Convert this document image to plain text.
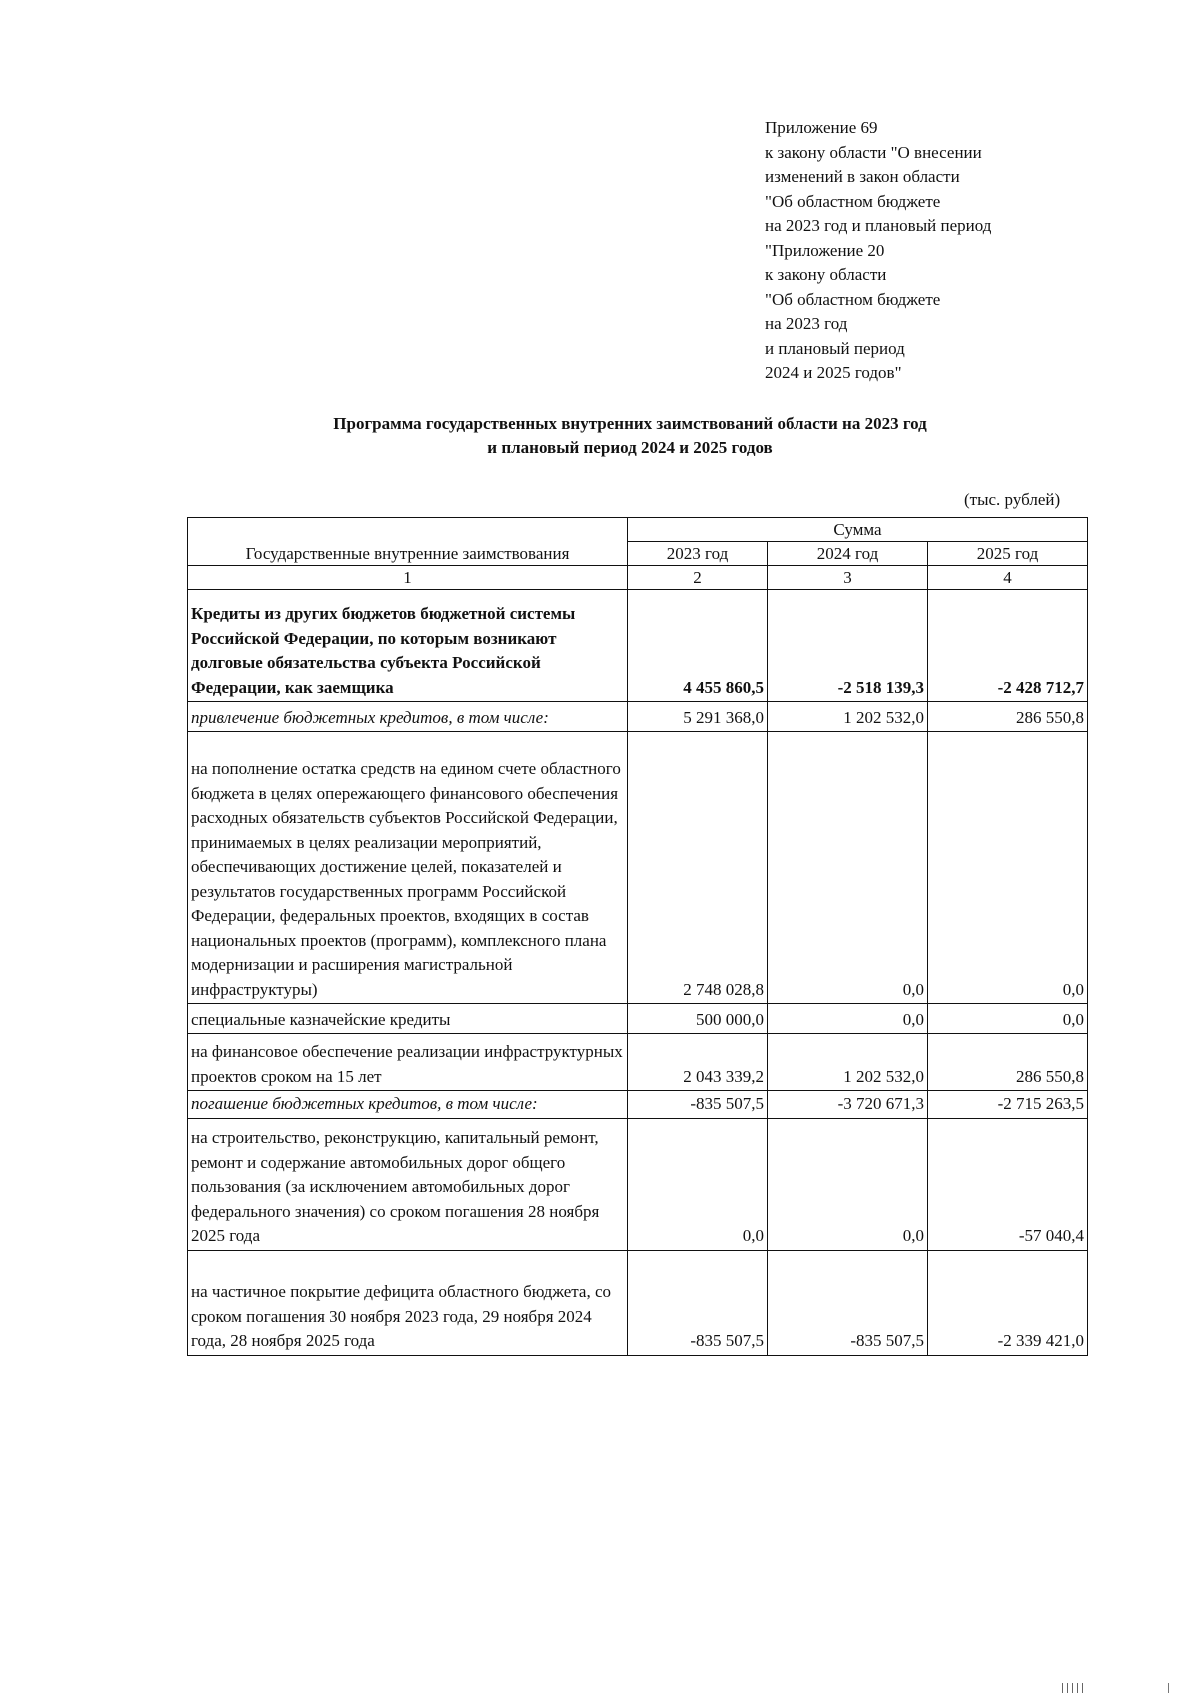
Приложение 69
к закону области "О внесении
изменений в закон области
"Об областном бюджете
на 2023 год и плановый период
"Приложение 20
к закону области
"Об областном бюджете
на 2023 год
и плановый период
2024 и 2025 годов"
Программа государственных внутренних заимствований области на 2023 год
и плановый период 2024 и 2025 годов
(тыс. рублей)
Государственные внутренние заимствования	Сумма		
	2023 год	2024 год	2025 год
1	2	3	4
Кредиты из других бюджетов бюджетной системы Российской Федерации, по которым возникают долговые обязательства субъекта Российской Федерации, как заемщика	4 455 860,5	-2 518 139,3	-2 428 712,7
привлечение бюджетных кредитов, в том числе:	5 291 368,0	1 202 532,0	286 550,8
на пополнение остатка средств на едином счете областного бюджета в целях опережающего финансового обеспечения расходных обязательств субъектов Российской Федерации, принимаемых в целях реализации мероприятий, обеспечивающих достижение целей, показателей и результатов государственных программ Российской Федерации, федеральных проектов, входящих в состав национальных проектов (программ), комплексного плана модернизации и расширения магистральной инфраструктуры)	2 748 028,8	0,0	0,0
специальные казначейские кредиты	500 000,0	0,0	0,0
на финансовое обеспечение реализации инфраструктурных проектов сроком на 15 лет	2 043 339,2	1 202 532,0	286 550,8
погашение бюджетных кредитов, в том числе:	-835 507,5	-3 720 671,3	-2 715 263,5
на строительство, реконструкцию, капитальный ремонт, ремонт и содержание автомобильных дорог общего пользования (за исключением автомобильных дорог федерального значения) со сроком погашения 28 ноября 2025 года	0,0	0,0	-57 040,4
на частичное покрытие дефицита областного бюджета, со сроком погашения 30 ноября 2023 года, 29 ноября 2024 года, 28 ноября 2025 года	-835 507,5	-835 507,5	-2 339 421,0
